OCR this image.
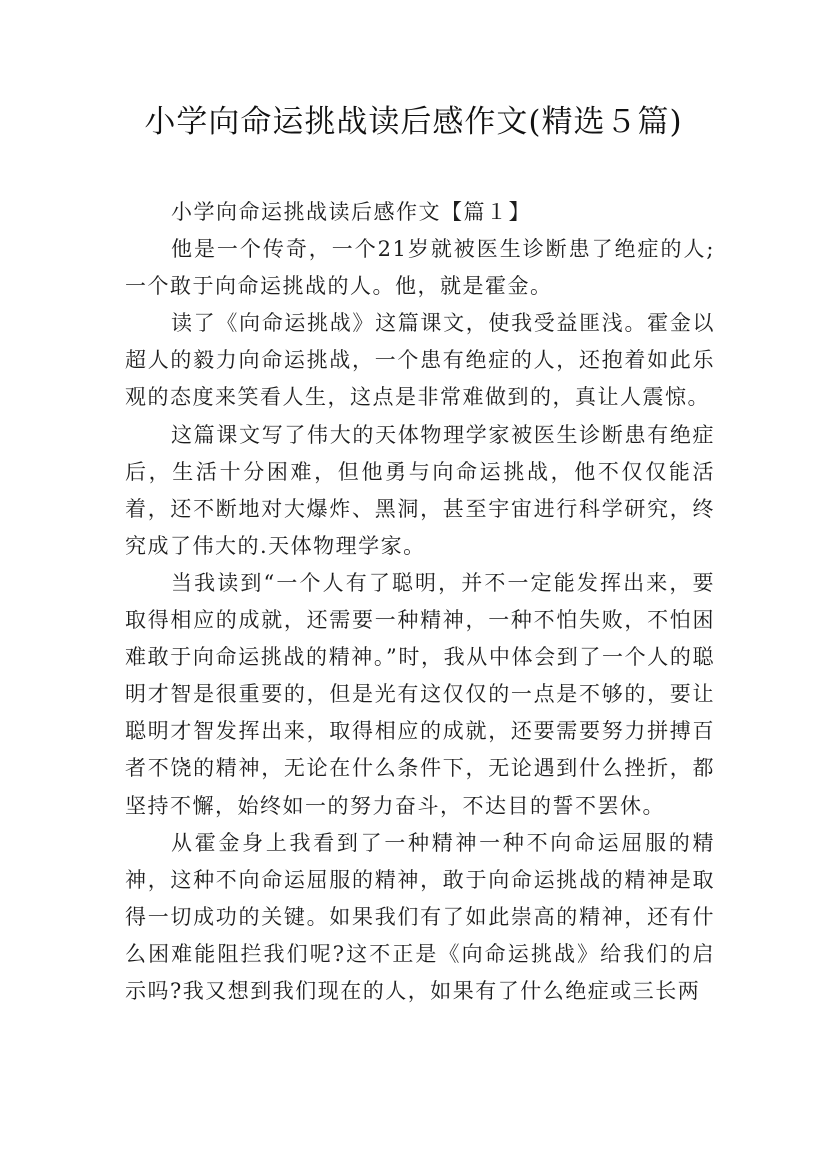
小学向命运挑战读后感作文(精选５篇)

小学向命运挑战读后感作文【篇１】

他是一个传奇，一个21岁就被医生诊断患了绝症的人;一个敢于向命运挑战的人。他，就是霍金。

读了《向命运挑战》这篇课文，使我受益匪浅。霍金以超人的毅力向命运挑战，一个患有绝症的人，还抱着如此乐观的态度来笑看人生，这点是非常难做到的，真让人震惊。

这篇课文写了伟大的天体物理学家被医生诊断患有绝症后，生活十分困难，但他勇与向命运挑战，他不仅仅能活着，还不断地对大爆炸、黑洞，甚至宇宙进行科学研究，终究成了伟大的.天体物理学家。

当我读到“一个人有了聪明，并不一定能发挥出来，要取得相应的成就，还需要一种精神，一种不怕失败，不怕困难敢于向命运挑战的精神。”时，我从中体会到了一个人的聪明才智是很重要的，但是光有这仅仅的一点是不够的，要让聪明才智发挥出来，取得相应的成就，还要需要努力拼搏百者不饶的精神，无论在什么条件下，无论遇到什么挫折，都坚持不懈，始终如一的努力奋斗，不达目的誓不罢休。

从霍金身上我看到了一种精神一种不向命运屈服的精神，这种不向命运屈服的精神，敢于向命运挑战的精神是取得一切成功的关键。如果我们有了如此崇高的精神，还有什么困难能阻拦我们呢?这不正是《向命运挑战》给我们的启示吗?我又想到我们现在的人，如果有了什么绝症或三长两
